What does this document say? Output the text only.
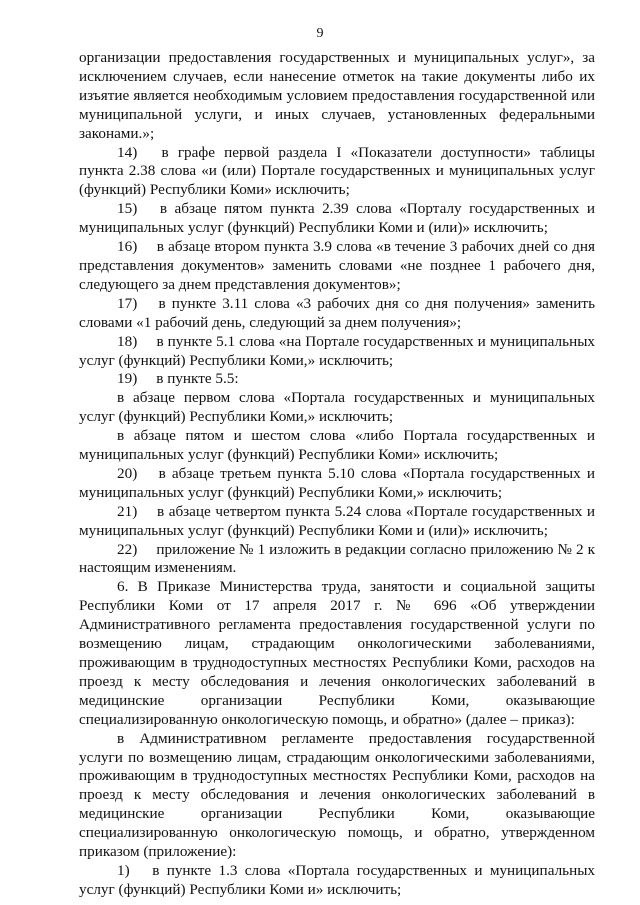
9

организации предоставления государственных и муниципальных услуг», за исключением случаев, если нанесение отметок на такие документы либо их изъятие является необходимым условием предоставления государственной или муниципальной услуги, и иных случаев, установленных федеральными законами.»;

14)  в графе первой раздела I «Показатели доступности» таблицы пункта 2.38 слова «и (или) Портале государственных и муниципальных услуг (функций) Республики Коми» исключить;

15)  в абзаце пятом пункта 2.39 слова «Порталу государственных и муниципальных услуг (функций) Республики Коми и (или)» исключить;

16)  в абзаце втором пункта 3.9 слова «в течение 3 рабочих дней со дня представления документов» заменить словами «не позднее 1 рабочего дня, следующего за днем представления документов»;

17)  в пункте 3.11 слова «3 рабочих дня со дня получения» заменить словами «1 рабочий день, следующий за днем получения»;

18)  в пункте 5.1 слова «на Портале государственных и муниципальных услуг (функций) Республики Коми,» исключить;

19)  в пункте 5.5:

в абзаце первом слова «Портала государственных и муниципальных услуг (функций) Республики Коми,» исключить;

в абзаце пятом и шестом слова «либо Портала государственных и муниципальных услуг (функций) Республики Коми» исключить;

20)  в абзаце третьем пункта 5.10 слова «Портала государственных и муниципальных услуг (функций) Республики Коми,» исключить;

21)  в абзаце четвертом пункта 5.24 слова «Портале государственных и муниципальных услуг (функций) Республики Коми и (или)» исключить;

22)  приложение № 1 изложить в редакции согласно приложению № 2 к настоящим изменениям.

6. В Приказе Министерства труда, занятости и социальной защиты Республики Коми от 17 апреля 2017 г. № 696 «Об утверждении Административного регламента предоставления государственной услуги по возмещению лицам, страдающим онкологическими заболеваниями, проживающим в труднодоступных местностях Республики Коми, расходов на проезд к месту обследования и лечения онкологических заболеваний в медицинские организации Республики Коми, оказывающие специализированную онкологическую помощь, и обратно» (далее – приказ):

в Административном регламенте предоставления государственной услуги по возмещению лицам, страдающим онкологическими заболеваниями, проживающим в труднодоступных местностях Республики Коми, расходов на проезд к месту обследования и лечения онкологических заболеваний в медицинские организации Республики Коми, оказывающие специализированную онкологическую помощь, и обратно, утвержденном приказом (приложение):

1)  в пункте 1.3 слова «Портала государственных и муниципальных услуг (функций) Республики Коми и» исключить;
